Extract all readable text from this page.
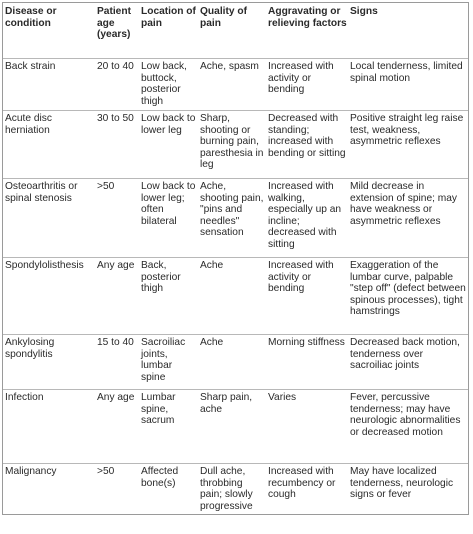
Disease or condition	Patient age (years)	Location of pain	Quality of pain	Aggravating or relieving factors	Signs
Back strain	20 to 40	Low back, buttock, posterior thigh	Ache, spasm	Increased with activity or bending	Local tenderness, limited spinal motion
Acute disc herniation	30 to 50	Low back to lower leg	Sharp, shooting or burning pain, paresthesia in leg	Decreased with standing; increased with bending or sitting	Positive straight leg raise test, weakness, asymmetric reflexes
Osteoarthritis or spinal stenosis	>50	Low back to lower leg; often bilateral	Ache, shooting pain, "pins and needles" sensation	Increased with walking, especially up an incline; decreased with sitting	Mild decrease in extension of spine; may have weakness or asymmetric reflexes
Spondylolisthesis	Any age	Back, posterior thigh	Ache	Increased with activity or bending	Exaggeration of the lumbar curve, palpable "step off" (defect between spinous processes), tight hamstrings
Ankylosing spondylitis	15 to 40	Sacroiliac joints, lumbar spine	Ache	Morning stiffness	Decreased back motion, tenderness over sacroiliac joints
Infection	Any age	Lumbar spine, sacrum	Sharp pain, ache	Varies	Fever, percussive tenderness; may have neurologic abnormalities or decreased motion
Malignancy	>50	Affected bone(s)	Dull ache, throbbing pain; slowly progressive	Increased with recumbency or cough	May have localized tenderness, neurologic signs or fever
